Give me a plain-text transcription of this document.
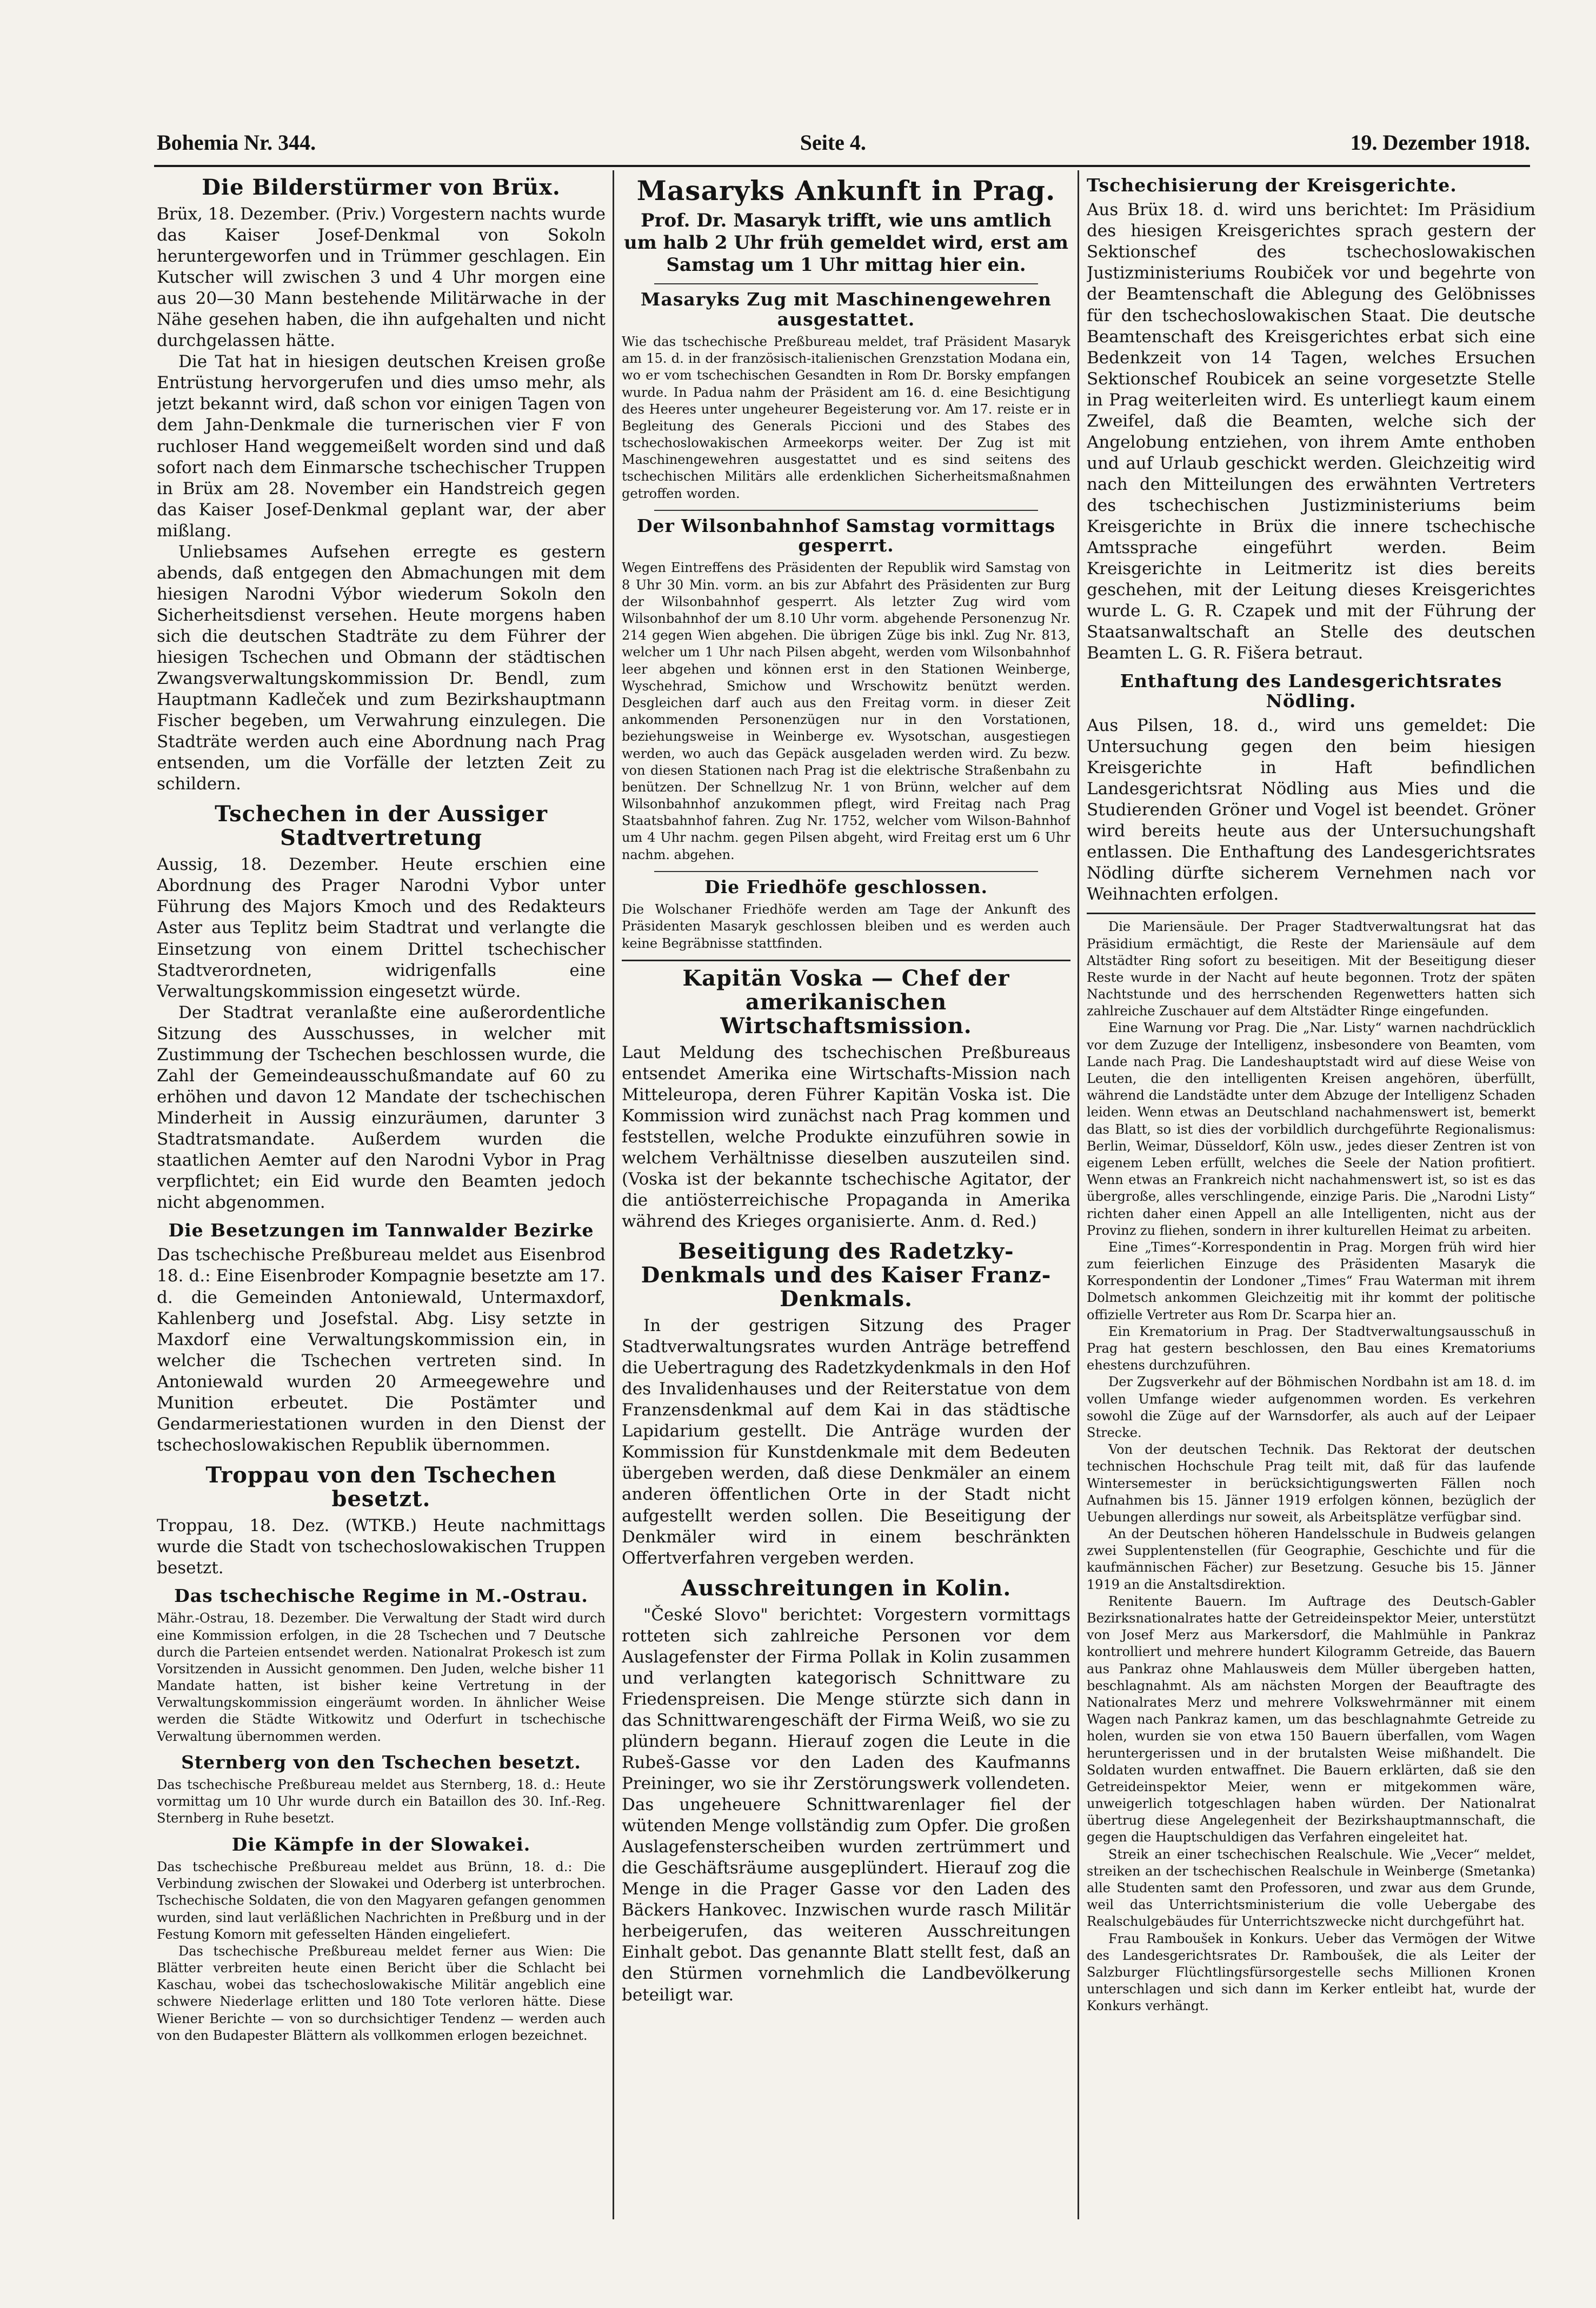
Bohemia Nr. 344.	Seite 4.	19. Dezember 1918.
Die Bilderstürmer von Brüx.

Brüx, 18. Dezember. (Priv.) Vorgestern nachts wurde das Kaiser Josef-Denkmal von Sokoln heruntergeworfen und in Trümmer geschlagen. Ein Kutscher will zwischen 3 und 4 Uhr morgen eine aus 20—30 Mann bestehende Militärwache in der Nähe gesehen haben, die ihn aufgehalten und nicht durchgelassen hätte.

Die Tat hat in hiesigen deutschen Kreisen große Entrüstung hervorgerufen und dies umso mehr, als jetzt bekannt wird, daß schon vor einigen Tagen von dem Jahn-Denkmale die turnerischen vier F von ruchloser Hand weggemeißelt worden sind und daß sofort nach dem Einmarsche tschechischer Truppen in Brüx am 28. November ein Handstreich gegen das Kaiser Josef-Denkmal geplant war, der aber mißlang.

Unliebsames Aufsehen erregte es gestern abends, daß entgegen den Abmachungen mit dem hiesigen Narodni Výbor wiederum Sokoln den Sicherheitsdienst versehen. Heute morgens haben sich die deutschen Stadträte zu dem Führer der hiesigen Tschechen und Obmann der städtischen Zwangsverwaltungskommission Dr. Bendl, zum Hauptmann Kadleček und zum Bezirkshauptmann Fischer begeben, um Verwahrung einzulegen. Die Stadträte werden auch eine Abordnung nach Prag entsenden, um die Vorfälle der letzten Zeit zu schildern.

Tschechen in der Aussiger Stadtvertretung

Aussig, 18. Dezember. Heute erschien eine Abordnung des Prager Narodni Vybor unter Führung des Majors Kmoch und des Redakteurs Aster aus Teplitz beim Stadtrat und verlangte die Einsetzung von einem Drittel tschechischer Stadtverordneten, widrigenfalls eine Verwaltungskommission eingesetzt würde.

Der Stadtrat veranlaßte eine außerordentliche Sitzung des Ausschusses, in welcher mit Zustimmung der Tschechen beschlossen wurde, die Zahl der Gemeindeausschußmandate auf 60 zu erhöhen und davon 12 Mandate der tschechischen Minderheit in Aussig einzuräumen, darunter 3 Stadtratsmandate. Außerdem wurden die staatlichen Aemter auf den Narodni Vybor in Prag verpflichtet; ein Eid wurde den Beamten jedoch nicht abgenommen.

Die Besetzungen im Tannwalder Bezirke

Das tschechische Preßbureau meldet aus Eisenbrod 18. d.: Eine Eisenbroder Kompagnie besetzte am 17. d. die Gemeinden Antoniewald, Untermaxdorf, Kahlenberg und Josefstal. Abg. Lisy setzte in Maxdorf eine Verwaltungskommission ein, in welcher die Tschechen vertreten sind. In Antoniewald wurden 20 Armeegewehre und Munition erbeutet. Die Postämter und Gendarmeriestationen wurden in den Dienst der tschechoslowakischen Republik übernommen.

Troppau von den Tschechen besetzt.

Troppau, 18. Dez. (WTKB.) Heute nachmittags wurde die Stadt von tschechoslowakischen Truppen besetzt.

Das tschechische Regime in M.-Ostrau.

Mähr.-Ostrau, 18. Dezember. Die Verwaltung der Stadt wird durch eine Kommission erfolgen, in die 28 Tschechen und 7 Deutsche durch die Parteien entsendet werden. Nationalrat Prokesch ist zum Vorsitzenden in Aussicht genommen. Den Juden, welche bisher 11 Mandate hatten, ist bisher keine Vertretung in der Verwaltungskommission eingeräumt worden. In ähnlicher Weise werden die Städte Witkowitz und Oderfurt in tschechische Verwaltung übernommen werden.

Sternberg von den Tschechen besetzt.

Das tschechische Preßbureau meldet aus Sternberg, 18. d.: Heute vormittag um 10 Uhr wurde durch ein Bataillon des 30. Inf.-Reg. Sternberg in Ruhe besetzt.

Die Kämpfe in der Slowakei.

Das tschechische Preßbureau meldet aus Brünn, 18. d.: Die Verbindung zwischen der Slowakei und Oderberg ist unterbrochen. Tschechische Soldaten, die von den Magyaren gefangen genommen wurden, sind laut verläßlichen Nachrichten in Preßburg und in der Festung Komorn mit gefesselten Händen eingeliefert.

Das tschechische Preßbureau meldet ferner aus Wien: Die Blätter verbreiten heute einen Bericht über die Schlacht bei Kaschau, wobei das tschechoslowakische Militär angeblich eine schwere Niederlage erlitten und 180 Tote verloren hätte. Diese Wiener Berichte — von so durchsichtiger Tendenz — werden auch von den Budapester Blättern als vollkommen erlogen bezeichnet.

Masaryks Ankunft in Prag.

Prof. Dr. Masaryk trifft, wie uns amtlich um halb 2 Uhr früh gemeldet wird, erst am Samstag um 1 Uhr mittag hier ein.

Masaryks Zug mit Maschinengewehren ausgestattet.

Wie das tschechische Preßbureau meldet, traf Präsident Masaryk am 15. d. in der französisch-italienischen Grenzstation Modana ein, wo er vom tschechischen Gesandten in Rom Dr. Borsky empfangen wurde. In Padua nahm der Präsident am 16. d. eine Besichtigung des Heeres unter ungeheurer Begeisterung vor. Am 17. reiste er in Begleitung des Generals Piccioni und des Stabes des tschechoslowakischen Armeekorps weiter. Der Zug ist mit Maschinengewehren ausgestattet und es sind seitens des tschechischen Militärs alle erdenklichen Sicherheitsmaßnahmen getroffen worden.

Der Wilsonbahnhof Samstag vormittags gesperrt.

Wegen Eintreffens des Präsidenten der Republik wird Samstag von 8 Uhr 30 Min. vorm. an bis zur Abfahrt des Präsidenten zur Burg der Wilsonbahnhof gesperrt. Als letzter Zug wird vom Wilsonbahnhof der um 8.10 Uhr vorm. abgehende Personenzug Nr. 214 gegen Wien abgehen. Die übrigen Züge bis inkl. Zug Nr. 813, welcher um 1 Uhr nach Pilsen abgeht, werden vom Wilsonbahnhof leer abgehen und können erst in den Stationen Weinberge, Wyschehrad, Smichow und Wrschowitz benützt werden. Desgleichen darf auch aus den Freitag vorm. in dieser Zeit ankommenden Personenzügen nur in den Vorstationen, beziehungsweise in Weinberge ev. Wysotschan, ausgestiegen werden, wo auch das Gepäck ausgeladen werden wird. Zu bezw. von diesen Stationen nach Prag ist die elektrische Straßenbahn zu benützen. Der Schnellzug Nr. 1 von Brünn, welcher auf dem Wilsonbahnhof anzukommen pflegt, wird Freitag nach Prag Staatsbahnhof fahren. Zug Nr. 1752, welcher vom Wilson-Bahnhof um 4 Uhr nachm. gegen Pilsen abgeht, wird Freitag erst um 6 Uhr nachm. abgehen.

Die Friedhöfe geschlossen.

Die Wolschaner Friedhöfe werden am Tage der Ankunft des Präsidenten Masaryk geschlossen bleiben und es werden auch keine Begräbnisse stattfinden.

Kapitän Voska — Chef der amerikanischen Wirtschaftsmission.

Laut Meldung des tschechischen Preßbureaus entsendet Amerika eine Wirtschafts-Mission nach Mitteleuropa, deren Führer Kapitän Voska ist. Die Kommission wird zunächst nach Prag kommen und feststellen, welche Produkte einzuführen sowie in welchem Verhältnisse dieselben auszuteilen sind. (Voska ist der bekannte tschechische Agitator, der die antiösterreichische Propaganda in Amerika während des Krieges organisierte. Anm. d. Red.)

Beseitigung des Radetzky-Denkmals und des Kaiser Franz-Denkmals.

In der gestrigen Sitzung des Prager Stadtverwaltungsrates wurden Anträge betreffend die Uebertragung des Radetzkydenkmals in den Hof des Invalidenhauses und der Reiterstatue von dem Franzensdenkmal auf dem Kai in das städtische Lapidarium gestellt. Die Anträge wurden der Kommission für Kunstdenkmale mit dem Bedeuten übergeben werden, daß diese Denkmäler an einem anderen öffentlichen Orte in der Stadt nicht aufgestellt werden sollen. Die Beseitigung der Denkmäler wird in einem beschränkten Offertverfahren vergeben werden.

Ausschreitungen in Kolin.

"České Slovo" berichtet: Vorgestern vormittags rotteten sich zahlreiche Personen vor dem Auslagefenster der Firma Pollak in Kolin zusammen und verlangten kategorisch Schnittware zu Friedenspreisen. Die Menge stürzte sich dann in das Schnittwarengeschäft der Firma Weiß, wo sie zu plündern begann. Hierauf zogen die Leute in die Rubeš-Gasse vor den Laden des Kaufmanns Preininger, wo sie ihr Zerstörungswerk vollendeten. Das ungeheuere Schnittwarenlager fiel der wütenden Menge vollständig zum Opfer. Die großen Auslagefensterscheiben wurden zertrümmert und die Geschäftsräume ausgeplündert. Hierauf zog die Menge in die Prager Gasse vor den Laden des Bäckers Hankovec. Inzwischen wurde rasch Militär herbeigerufen, das weiteren Ausschreitungen Einhalt gebot. Das genannte Blatt stellt fest, daß an den Stürmen vornehmlich die Landbevölkerung beteiligt war.

Tschechisierung der Kreisgerichte.

Aus Brüx 18. d. wird uns berichtet: Im Präsidium des hiesigen Kreisgerichtes sprach gestern der Sektionschef des tschechoslowakischen Justizministeriums Roubiček vor und begehrte von der Beamtenschaft die Ablegung des Gelöbnisses für den tschechoslowakischen Staat. Die deutsche Beamtenschaft des Kreisgerichtes erbat sich eine Bedenkzeit von 14 Tagen, welches Ersuchen Sektionschef Roubicek an seine vorgesetzte Stelle in Prag weiterleiten wird. Es unterliegt kaum einem Zweifel, daß die Beamten, welche sich der Angelobung entziehen, von ihrem Amte enthoben und auf Urlaub geschickt werden. Gleichzeitig wird nach den Mitteilungen des erwähnten Vertreters des tschechischen Justizministeriums beim Kreisgerichte in Brüx die innere tschechische Amtssprache eingeführt werden. Beim Kreisgerichte in Leitmeritz ist dies bereits geschehen, mit der Leitung dieses Kreisgerichtes wurde L. G. R. Czapek und mit der Führung der Staatsanwaltschaft an Stelle des deutschen Beamten L. G. R. Fišera betraut.

Enthaftung des Landesgerichtsrates Nödling.

Aus Pilsen, 18. d., wird uns gemeldet: Die Untersuchung gegen den beim hiesigen Kreisgerichte in Haft befindlichen Landesgerichtsrat Nödling aus Mies und die Studierenden Gröner und Vogel ist beendet. Gröner wird bereits heute aus der Untersuchungshaft entlassen. Die Enthaftung des Landesgerichtsrates Nödling dürfte sicherem Vernehmen nach vor Weihnachten erfolgen.

Die Mariensäule. Der Prager Stadtverwaltungsrat hat das Präsidium ermächtigt, die Reste der Mariensäule auf dem Altstädter Ring sofort zu beseitigen. Mit der Beseitigung dieser Reste wurde in der Nacht auf heute begonnen. Trotz der späten Nachtstunde und des herrschenden Regenwetters hatten sich zahlreiche Zuschauer auf dem Altstädter Ringe eingefunden.

Eine Warnung vor Prag. Die „Nar. Listy“ warnen nachdrücklich vor dem Zuzuge der Intelligenz, insbesondere von Beamten, vom Lande nach Prag. Die Landeshauptstadt wird auf diese Weise von Leuten, die den intelligenten Kreisen angehören, überfüllt, während die Landstädte unter dem Abzuge der Intelligenz Schaden leiden. Wenn etwas an Deutschland nachahmenswert ist, bemerkt das Blatt, so ist dies der vorbildlich durchgeführte Regionalismus: Berlin, Weimar, Düsseldorf, Köln usw., jedes dieser Zentren ist von eigenem Leben erfüllt, welches die Seele der Nation profitiert. Wenn etwas an Frankreich nicht nachahmenswert ist, so ist es das übergroße, alles verschlingende, einzige Paris. Die „Narodni Listy“ richten daher einen Appell an alle Intelligenten, nicht aus der Provinz zu fliehen, sondern in ihrer kulturellen Heimat zu arbeiten.

Eine „Times“-Korrespondentin in Prag. Morgen früh wird hier zum feierlichen Einzuge des Präsidenten Masaryk die Korrespondentin der Londoner „Times“ Frau Waterman mit ihrem Dolmetsch ankommen Gleichzeitig mit ihr kommt der politische offizielle Vertreter aus Rom Dr. Scarpa hier an.

Ein Krematorium in Prag. Der Stadtverwaltungsausschuß in Prag hat gestern beschlossen, den Bau eines Krematoriums ehestens durchzuführen.

Der Zugsverkehr auf der Böhmischen Nordbahn ist am 18. d. im vollen Umfange wieder aufgenommen worden. Es verkehren sowohl die Züge auf der Warnsdorfer, als auch auf der Leipaer Strecke.

Von der deutschen Technik. Das Rektorat der deutschen technischen Hochschule Prag teilt mit, daß für das laufende Wintersemester in berücksichtigungswerten Fällen noch Aufnahmen bis 15. Jänner 1919 erfolgen können, bezüglich der Uebungen allerdings nur soweit, als Arbeitsplätze verfügbar sind.

An der Deutschen höheren Handelsschule in Budweis gelangen zwei Supplentenstellen (für Geographie, Geschichte und für die kaufmännischen Fächer) zur Besetzung. Gesuche bis 15. Jänner 1919 an die Anstaltsdirektion.

Renitente Bauern. Im Auftrage des Deutsch-Gabler Bezirksnationalrates hatte der Getreideinspektor Meier, unterstützt von Josef Merz aus Markersdorf, die Mahlmühle in Pankraz kontrolliert und mehrere hundert Kilogramm Getreide, das Bauern aus Pankraz ohne Mahlausweis dem Müller übergeben hatten, beschlagnahmt. Als am nächsten Morgen der Beauftragte des Nationalrates Merz und mehrere Volkswehrmänner mit einem Wagen nach Pankraz kamen, um das beschlagnahmte Getreide zu holen, wurden sie von etwa 150 Bauern überfallen, vom Wagen heruntergerissen und in der brutalsten Weise mißhandelt. Die Soldaten wurden entwaffnet. Die Bauern erklärten, daß sie den Getreideinspektor Meier, wenn er mitgekommen wäre, unweigerlich totgeschlagen haben würden. Der Nationalrat übertrug diese Angelegenheit der Bezirkshauptmannschaft, die gegen die Hauptschuldigen das Verfahren eingeleitet hat.

Streik an einer tschechischen Realschule. Wie „Vecer“ meldet, streiken an der tschechischen Realschule in Weinberge (Smetanka) alle Studenten samt den Professoren, und zwar aus dem Grunde, weil das Unterrichtsministerium die volle Uebergabe des Realschulgebäudes für Unterrichtszwecke nicht durchgeführt hat.

Frau Ramboušek in Konkurs. Ueber das Vermögen der Witwe des Landesgerichtsrates Dr. Ramboušek, die als Leiter der Salzburger Flüchtlingsfürsorgestelle sechs Millionen Kronen unterschlagen und sich dann im Kerker entleibt hat, wurde der Konkurs verhängt.
